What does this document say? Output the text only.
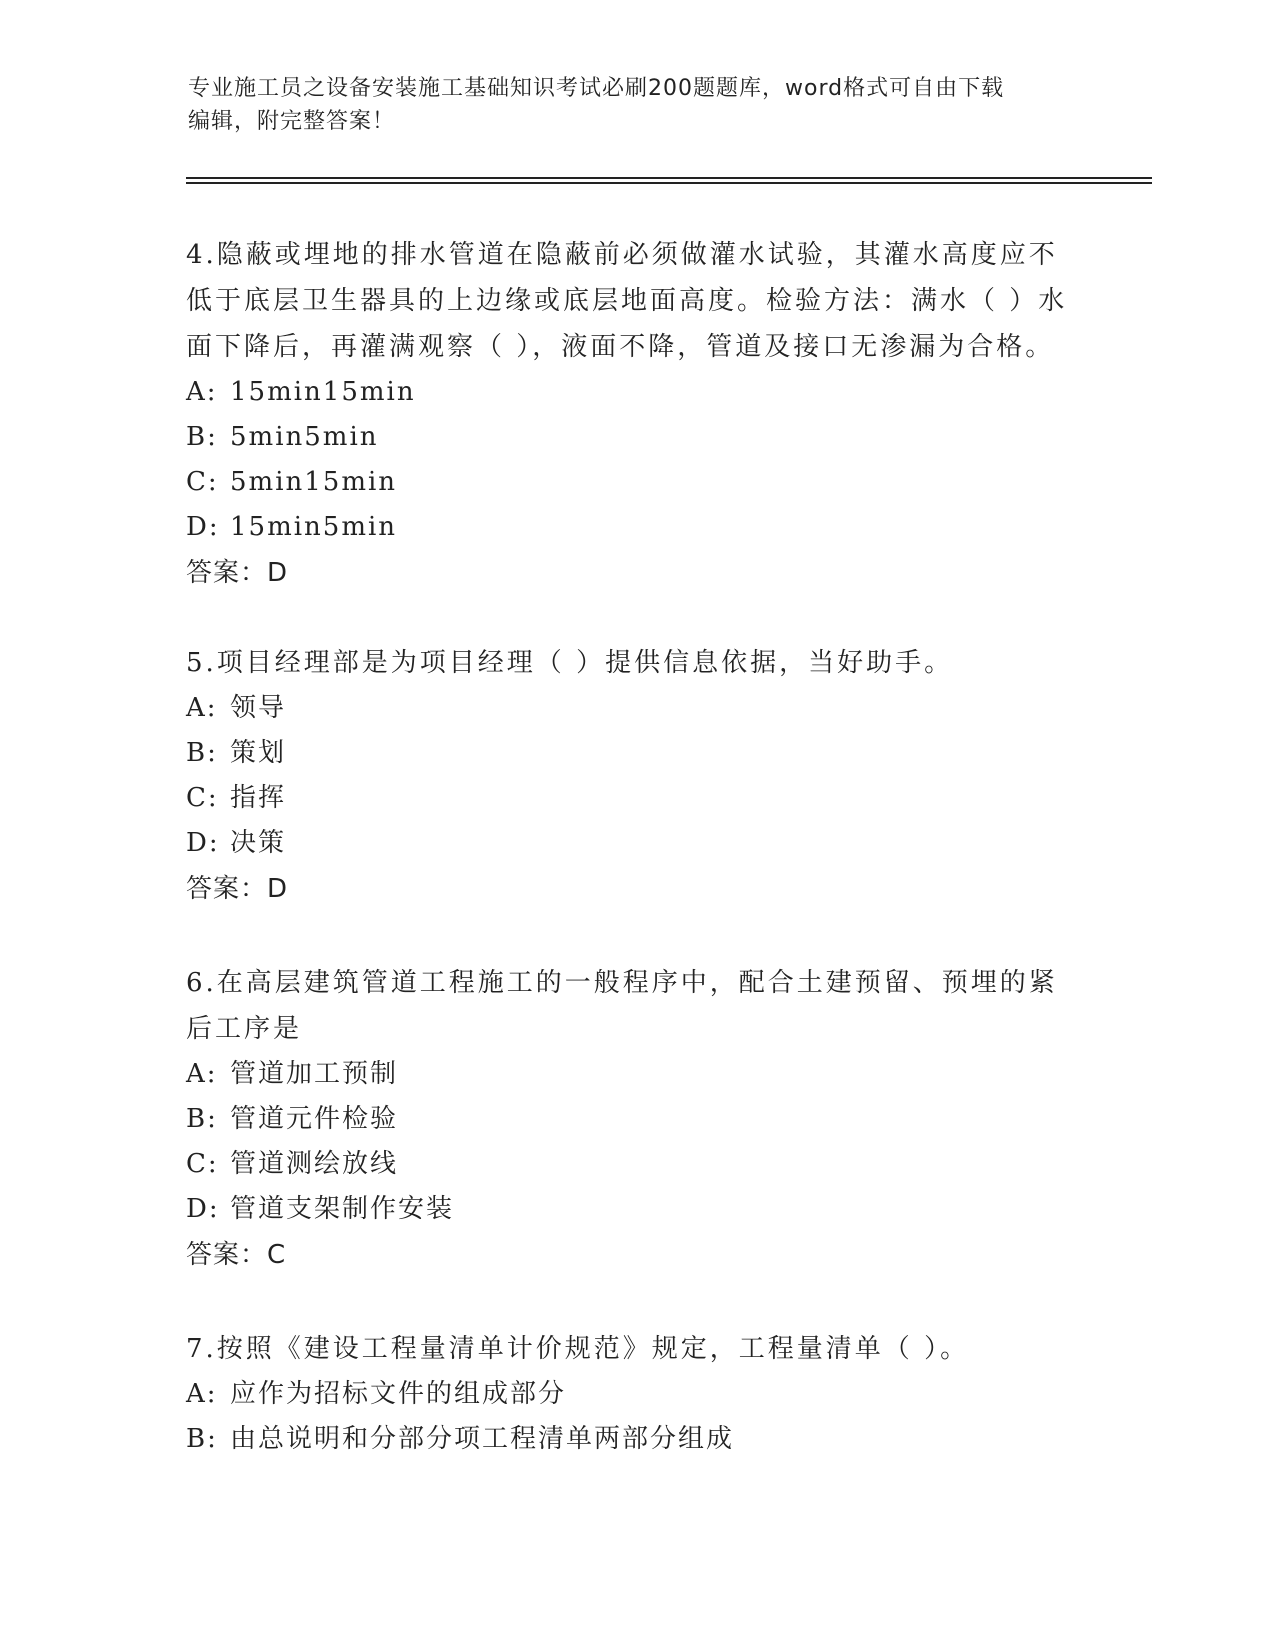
专业施工员之设备安装施工基础知识考试必刷200题题库，word格式可自由下载
编辑，附完整答案！
4.隐蔽或埋地的排水管道在隐蔽前必须做灌水试验，其灌水高度应不
低于底层卫生器具的上边缘或底层地面高度。检验方法：满水（ ）水
面下降后，再灌满观察（ ），液面不降，管道及接口无渗漏为合格。
A: 15min15min
B: 5min5min
C: 5min15min
D: 15min5min
答案：D
5.项目经理部是为项目经理（ ）提供信息依据，当好助手。
A: 领导
B: 策划
C: 指挥
D: 决策
答案：D
6.在高层建筑管道工程施工的一般程序中，配合土建预留、预埋的紧
后工序是
A: 管道加工预制
B: 管道元件检验
C: 管道测绘放线
D: 管道支架制作安装
答案：C
7.按照《建设工程量清单计价规范》规定，工程量清单（ ）。
A: 应作为招标文件的组成部分
B: 由总说明和分部分项工程清单两部分组成
